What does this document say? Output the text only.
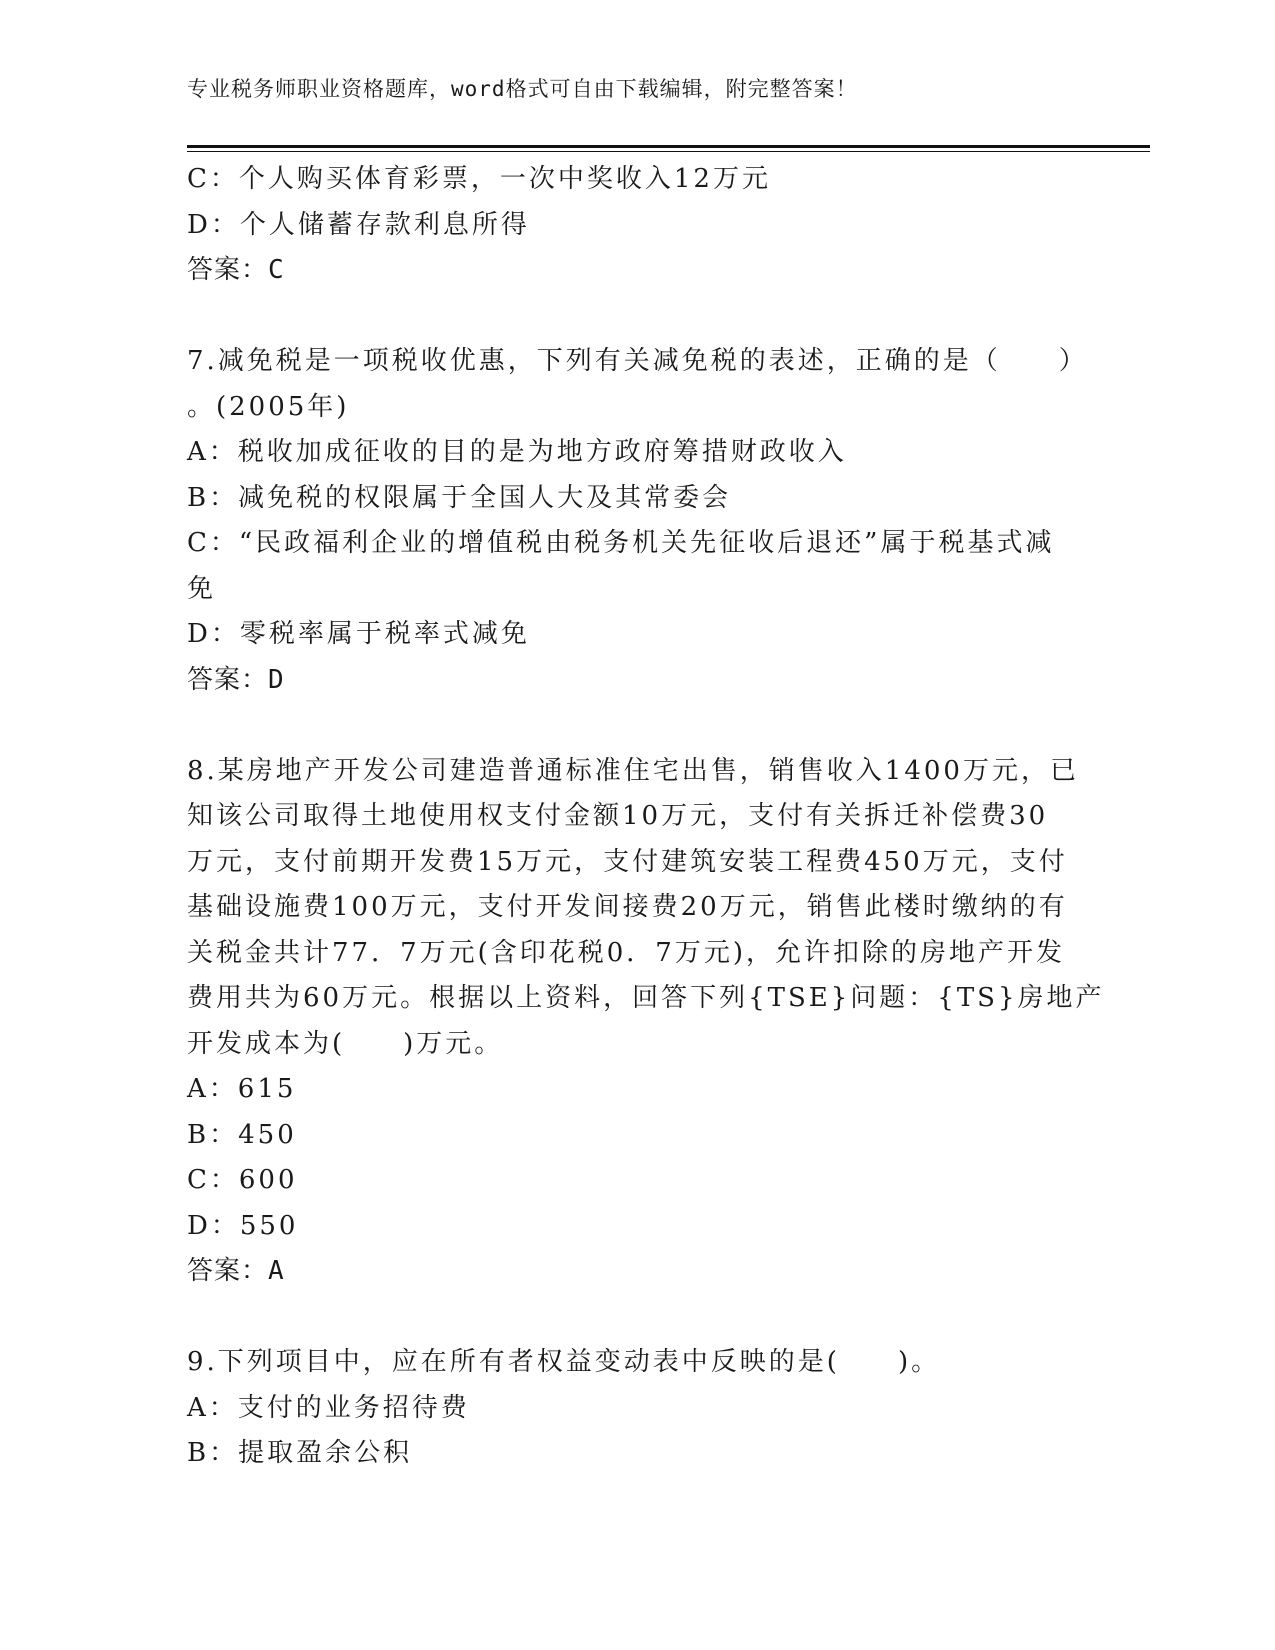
专业税务师职业资格题库，word格式可自由下载编辑，附完整答案！

C：个人购买体育彩票，一次中奖收入12万元

D：个人储蓄存款利息所得

答案：C

7.减免税是一项税收优惠，下列有关减免税的表述，正确的是（　　）

。(2005年)

A：税收加成征收的目的是为地方政府筹措财政收入

B：减免税的权限属于全国人大及其常委会

C：“民政福利企业的增值税由税务机关先征收后退还”属于税基式减

免

D：零税率属于税率式减免

答案：D

8.某房地产开发公司建造普通标准住宅出售，销售收入1400万元，已

知该公司取得土地使用权支付金额10万元，支付有关拆迁补偿费30

万元，支付前期开发费15万元，支付建筑安装工程费450万元，支付

基础设施费100万元，支付开发间接费20万元，销售此楼时缴纳的有

关税金共计77．7万元(含印花税0．7万元)，允许扣除的房地产开发

费用共为60万元。根据以上资料，回答下列{TSE}问题：{TS}房地产

开发成本为(　　)万元。

A：615

B：450

C：600

D：550

答案：A

9.下列项目中，应在所有者权益变动表中反映的是(　　)。

A：支付的业务招待费

B：提取盈余公积
